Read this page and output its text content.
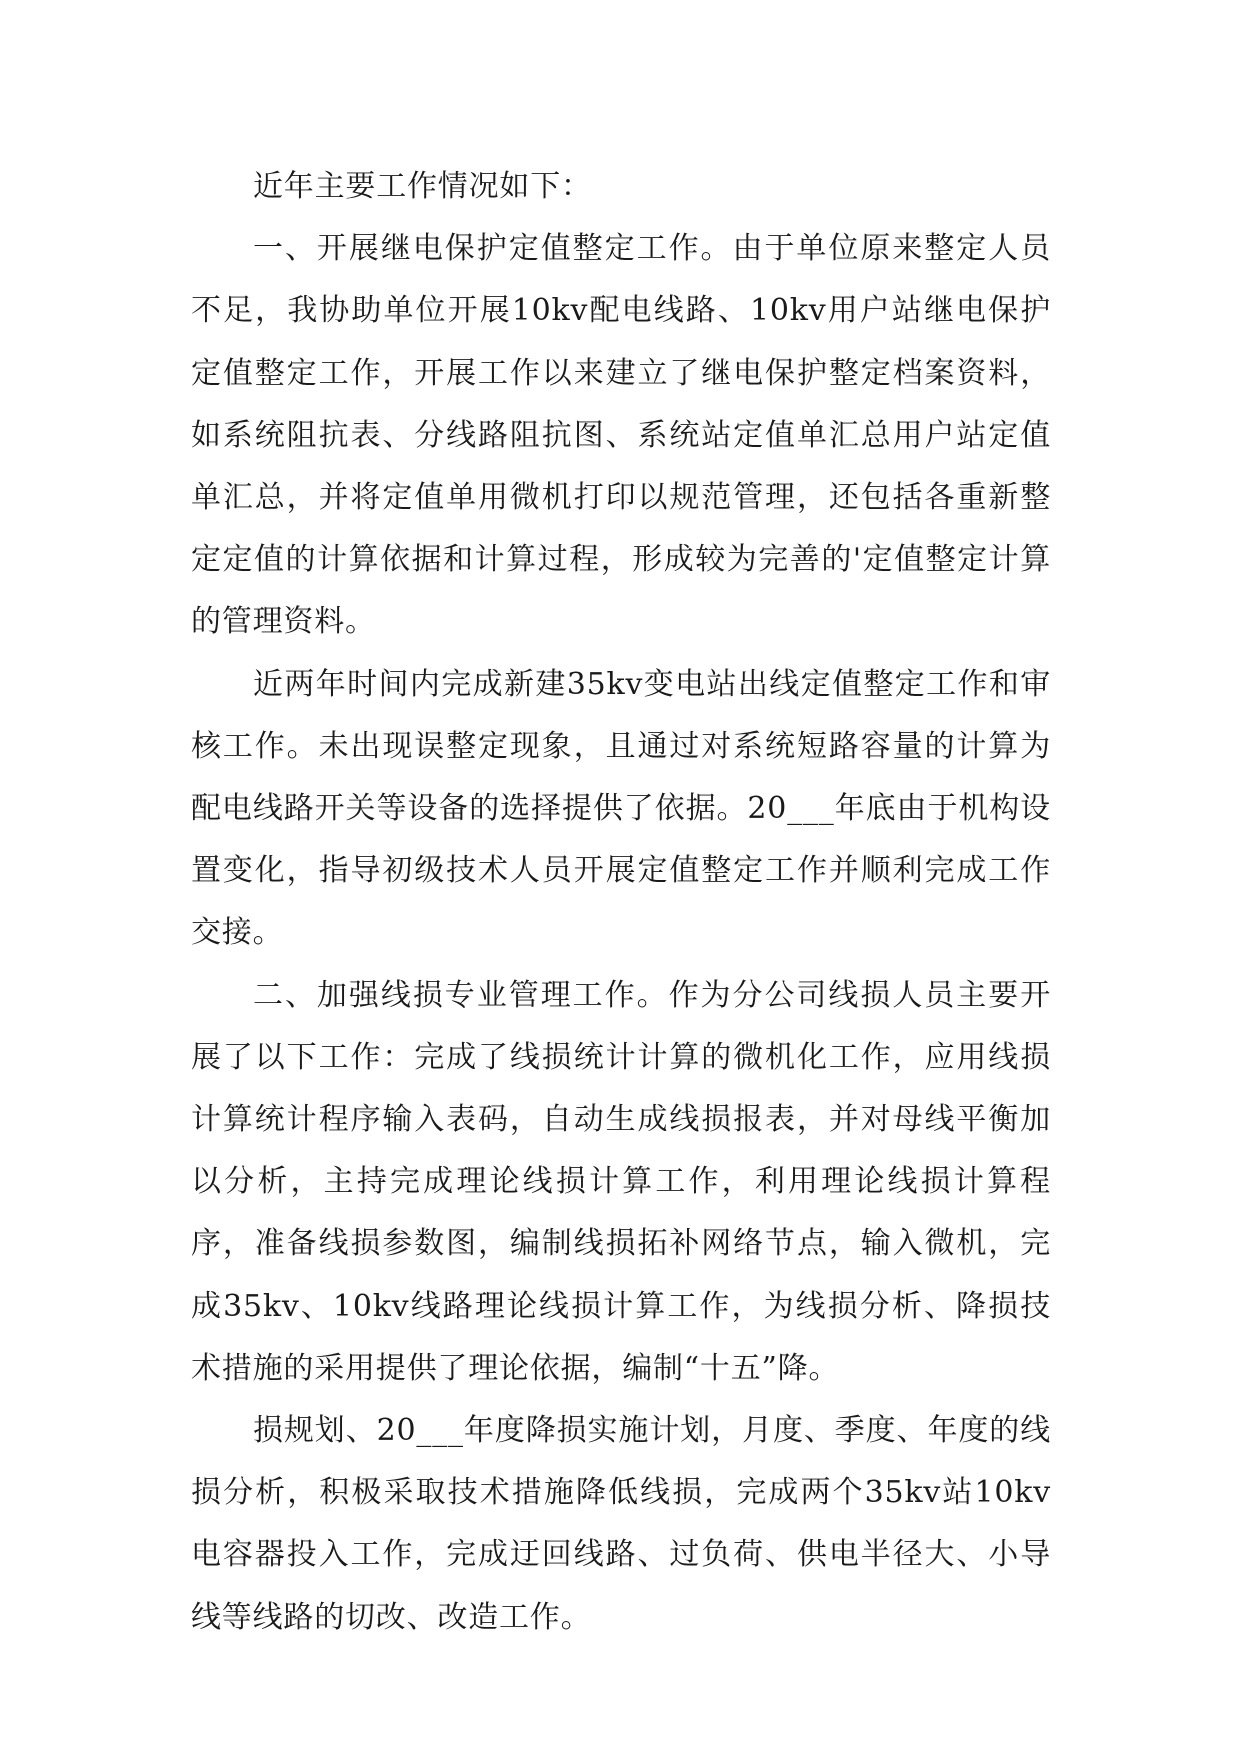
近年主要工作情况如下：

一、开展继电保护定值整定工作。由于单位原来整定人员不足，我协助单位开展10kv配电线路、10kv用户站继电保护定值整定工作，开展工作以来建立了继电保护整定档案资料，如系统阻抗表、分线路阻抗图、系统站定值单汇总用户站定值单汇总，并将定值单用微机打印以规范管理，还包括各重新整定定值的计算依据和计算过程，形成较为完善的'定值整定计算的管理资料。

近两年时间内完成新建35kv变电站出线定值整定工作和审核工作。未出现误整定现象，且通过对系统短路容量的计算为配电线路开关等设备的选择提供了依据。20___年底由于机构设置变化，指导初级技术人员开展定值整定工作并顺利完成工作交接。

二、加强线损专业管理工作。作为分公司线损人员主要开展了以下工作：完成了线损统计计算的微机化工作，应用线损计算统计程序输入表码，自动生成线损报表，并对母线平衡加以分析，主持完成理论线损计算工作，利用理论线损计算程序，准备线损参数图，编制线损拓补网络节点，输入微机，完成35kv、10kv线路理论线损计算工作，为线损分析、降损技术措施的采用提供了理论依据，编制“十五”降。

损规划、20___年度降损实施计划，月度、季度、年度的线损分析，积极采取技术措施降低线损，完成两个35kv站10kv电容器投入工作，完成迂回线路、过负荷、供电半径大、小导线等线路的切改、改造工作。
